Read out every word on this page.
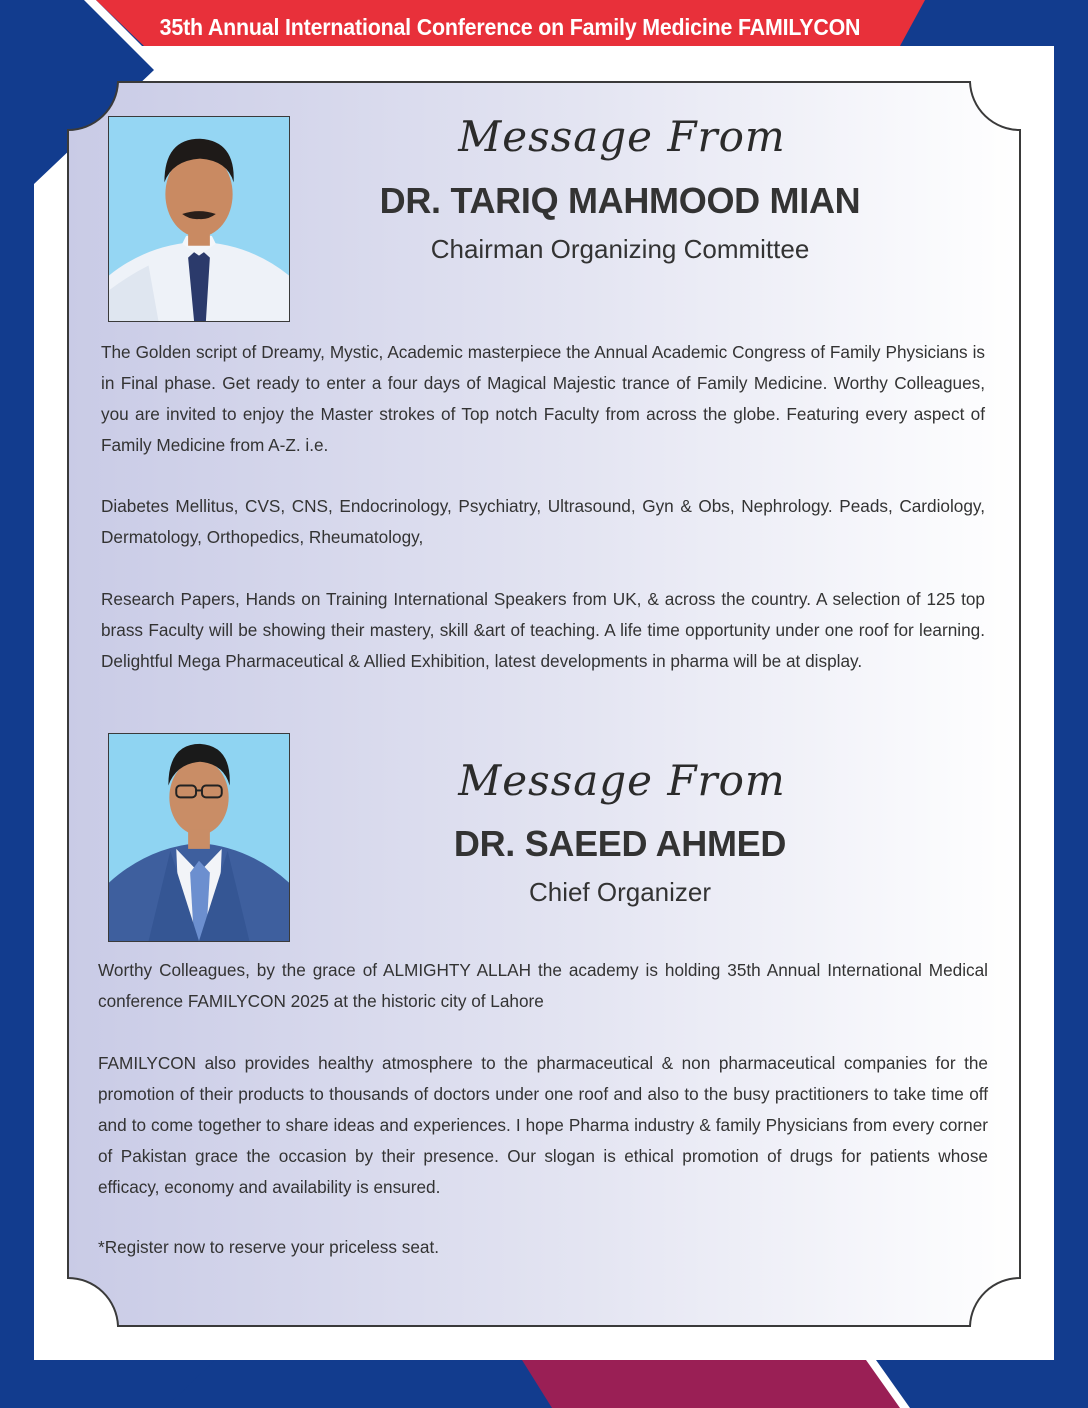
35th Annual International Conference on Family Medicine FAMILYCON 2025
Message From
DR. TARIQ MAHMOOD MIAN
Chairman Organizing Committee

The Golden script of Dreamy, Mystic, Academic masterpiece the Annual Academic Congress of Family Physicians is in Final phase. Get ready to enter a four days of Magical Majestic trance of Family Medicine. Worthy Colleagues, you are invited to enjoy the Master strokes of Top notch Faculty from across the globe. Featuring every aspect of Family Medicine from A-Z. i.e.

Diabetes Mellitus, CVS, CNS, Endocrinology, Psychiatry, Ultrasound, Gyn & Obs, Nephrology. Peads, Cardiology, Dermatology, Orthopedics, Rheumatology,

Research Papers, Hands on Training International Speakers from UK, & across the country. A selection of 125 top brass Faculty will be showing their mastery, skill &art of teaching. A life time opportunity under one roof for learning. Delightful Mega Pharmaceutical & Allied Exhibition, latest developments in pharma will be at display.

Message From
DR. SAEED AHMED
Chief Organizer

Worthy Colleagues, by the grace of ALMIGHTY ALLAH the academy is holding 35th Annual International Medical conference FAMILYCON 2025 at the historic city of Lahore

FAMILYCON also provides healthy atmosphere to the pharmaceutical & non pharmaceutical companies for the promotion of their products to thousands of doctors under one roof and also to the busy practitioners to take time off and to come together to share ideas and experiences. I hope Pharma industry & family Physicians from every corner of Pakistan grace the occasion by their presence. Our slogan is ethical promotion of drugs for patients whose efficacy, economy and availability is ensured.

*Register now to reserve your priceless seat.
